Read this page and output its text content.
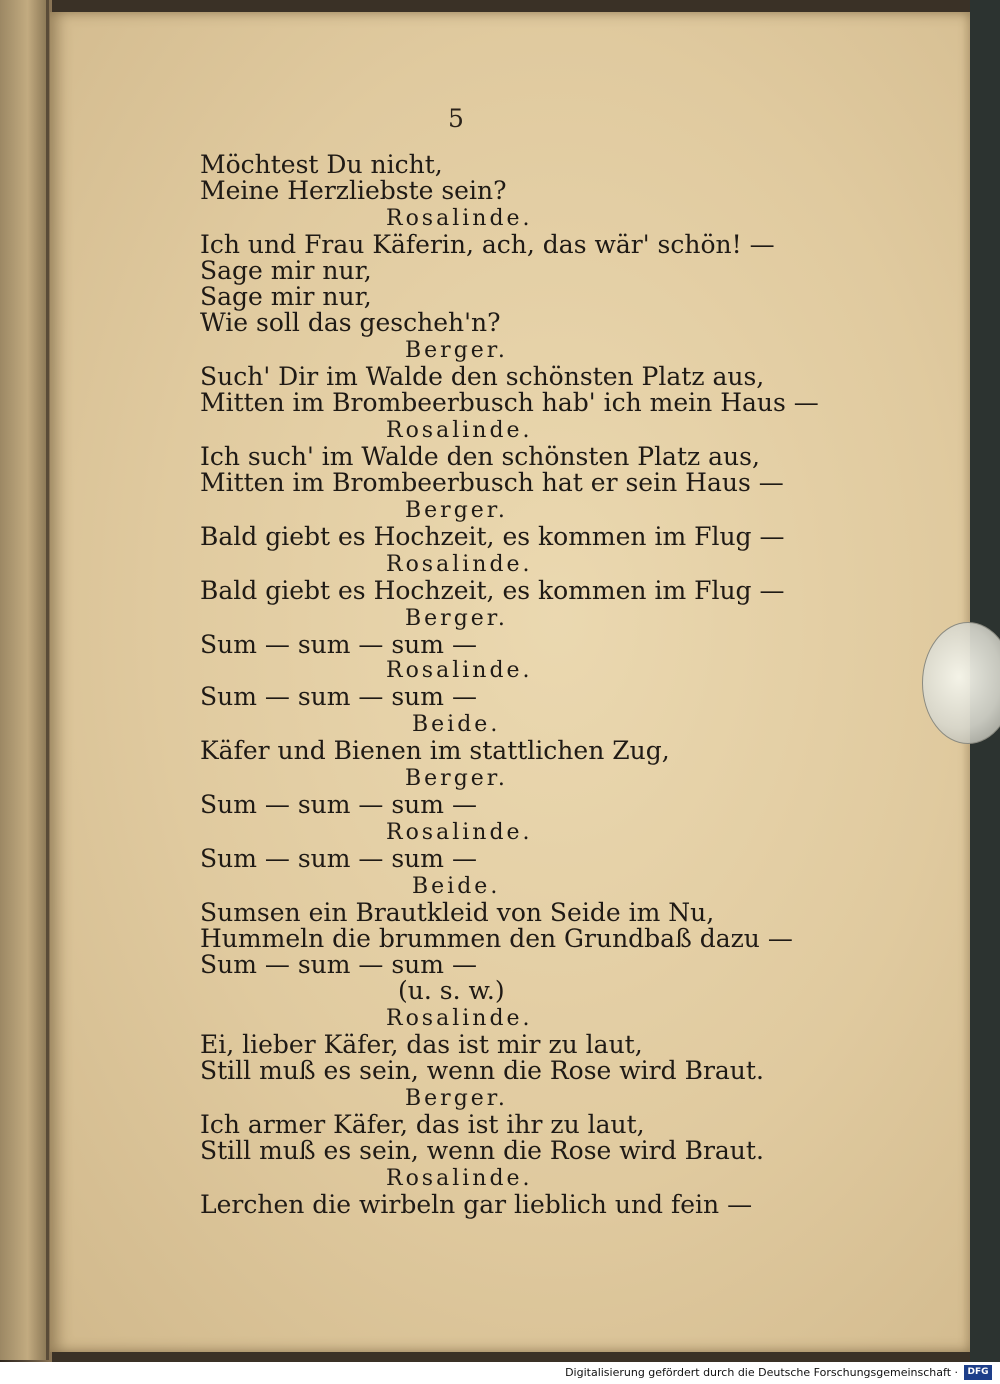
5
Möchtest Du nicht,
Meine Herzliebste sein?
Rosalinde.
Ich und Frau Käferin, ach, das wär' schön! —
Sage mir nur,
Sage mir nur,
Wie soll das gescheh'n?
Berger.
Such' Dir im Walde den schönsten Platz aus,
Mitten im Brombeerbusch hab' ich mein Haus —
Rosalinde.
Ich such' im Walde den schönsten Platz aus,
Mitten im Brombeerbusch hat er sein Haus —
Berger.
Bald giebt es Hochzeit, es kommen im Flug —
Rosalinde.
Bald giebt es Hochzeit, es kommen im Flug —
Berger.
Sum — sum — sum —
Rosalinde.
Sum — sum — sum —
Beide.
Käfer und Bienen im stattlichen Zug,
Berger.
Sum — sum — sum —
Rosalinde.
Sum — sum — sum —
Beide.
Sumsen ein Brautkleid von Seide im Nu,
Hummeln die brummen den Grundbaß dazu —
Sum — sum — sum —
(u. s. w.)
Rosalinde.
Ei, lieber Käfer, das ist mir zu laut,
Still muß es sein, wenn die Rose wird Braut.
Berger.
Ich armer Käfer, das ist ihr zu laut,
Still muß es sein, wenn die Rose wird Braut.
Rosalinde.
Lerchen die wirbeln gar lieblich und fein —
Digitalisierung gefördert durch die Deutsche Forschungsgemeinschaft ·	DFG
